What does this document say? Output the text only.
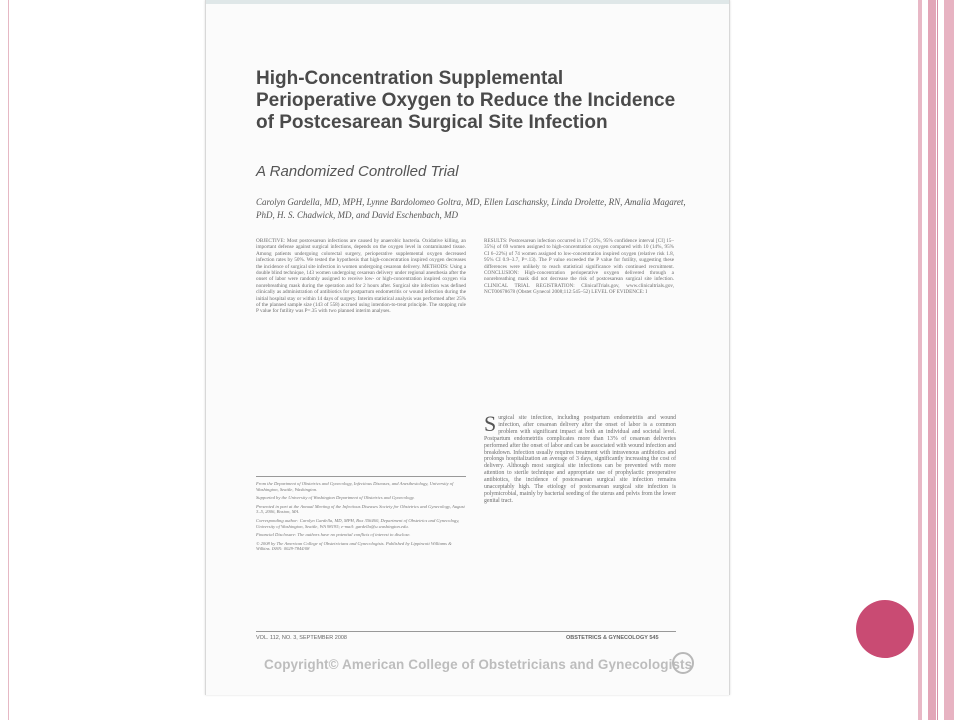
High-Concentration Supplemental Perioperative Oxygen to Reduce the Incidence of Postcesarean Surgical Site Infection
A Randomized Controlled Trial
Carolyn Gardella, MD, MPH, Lynne Bardolomeo Goltra, MD, Ellen Laschansky, Linda Drolette, RN, Amalia Magaret, PhD, H. S. Chadwick, MD, and David Eschenbach, MD
OBJECTIVE: Most postcesarean infections are caused by anaerobic bacteria. Oxidative killing, an important defense against surgical infections, depends on the oxygen level in contaminated tissue. Among patients undergoing colorectal surgery, perioperative supplemental oxygen decreased infection rates by 50%. We tested the hypothesis that high-concentration inspired oxygen decreases the incidence of surgical site infection in women undergoing cesarean delivery. METHODS: Using a double blind technique, 143 women undergoing cesarean delivery under regional anesthesia after the onset of labor were randomly assigned to receive low- or high-concentration inspired oxygen via nonrebreathing mask during the operation and for 2 hours after. Surgical site infection was defined clinically as administration of antibiotics for postpartum endometritis or wound infection during the initial hospital stay or within 14 days of surgery. Interim statistical analysis was performed after 25% of the planned sample size (143 of 558) accrued using intention-to-treat principle. The stopping rule P value for futility was P=.35 with two planned interim analyses.
RESULTS: Postcesarean infection occurred in 17 (25%, 95% confidence interval [CI] 15–35%) of 69 women assigned to high-concentration oxygen compared with 10 (14%, 95% CI 6–22%) of 74 women assigned to low-concentration inspired oxygen (relative risk 1.8, 95% CI 0.9–3.7, P=.13). The P value exceeded the P value for futility, suggesting these differences were unlikely to reach statistical significance with continued recruitment. CONCLUSION: High-concentration perioperative oxygen delivered through a nonrebreathing mask did not decrease the risk of postcesarean surgical site infection. CLINICAL TRIAL REGISTRATION: ClinicalTrials.gov, www.clinicaltrials.gov, NCT00678678 (Obstet Gynecol 2008;112:545–52) LEVEL OF EVIDENCE: I

From the Department of Obstetrics and Gynecology, Infectious Diseases, and Anesthesiology, University of Washington, Seattle, Washington.

Supported by the University of Washington Department of Obstetrics and Gynecology.

Presented in part at the Annual Meeting of the Infectious Diseases Society for Obstetrics and Gynecology, August 3–5, 2006, Boston, MA.

Corresponding author: Carolyn Gardella, MD, MPH, Box 356460, Department of Obstetrics and Gynecology, University of Washington, Seattle, WA 98195; e-mail: gardella@u.washington.edu.

Financial Disclosure: The authors have no potential conflicts of interest to disclose.

© 2008 by The American College of Obstetricians and Gynecologists. Published by Lippincott Williams & Wilkins. ISSN: 0029-7844/08

Surgical site infection, including postpartum endometritis and wound infection, after cesarean delivery after the onset of labor is a common problem with significant impact at both an individual and societal level. Postpartum endometritis complicates more than 13% of cesarean deliveries performed after the onset of labor and can be associated with wound infection and breakdown. Infection usually requires treatment with intravenous antibiotics and prolongs hospitalization an average of 3 days, significantly increasing the cost of delivery. Although most surgical site infections can be prevented with more attention to sterile technique and appropriate use of prophylactic preoperative antibiotics, the incidence of postcesarean surgical site infection remains unacceptably high. The etiology of postcesarean surgical site infection is polymicrobial, mainly by bacterial seeding of the uterus and pelvis from the lower genital tract.
VOL. 112, NO. 3, SEPTEMBER 2008	OBSTETRICS & GYNECOLOGY 545
Copyright© American College of Obstetricians and Gynecologists
